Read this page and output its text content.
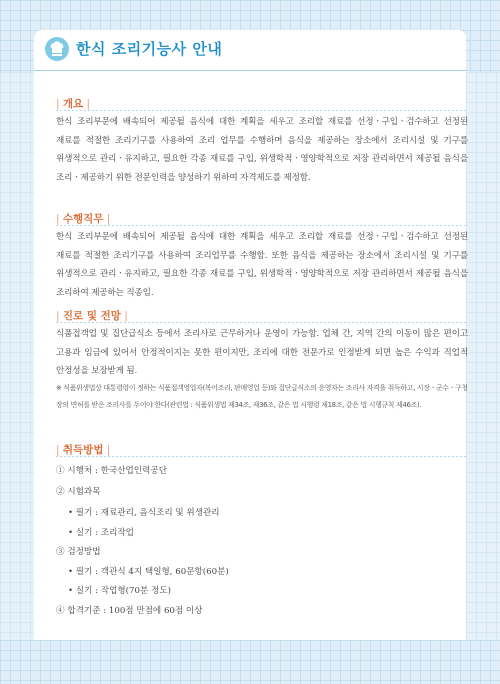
한식 조리기능사 안내
| 개요 |
한식 조리부문에 배속되어 제공될 음식에 대한 계획을 세우고 조리할 재료를 선정ㆍ구입ㆍ검수하고 선정된 재료를 적절한 조리기구를 사용하여 조리 업무를 수행하며 음식을 제공하는 장소에서 조리시설 및 기구를 위생적으로 관리ㆍ유지하고, 필요한 각종 재료를 구입, 위생학적ㆍ영양학적으로 저장 관리하면서 제공될 음식을 조리ㆍ제공하기 위한 전문인력을 양성하기 위하여 자격제도를 제정함.
| 수행직무 |
한식 조리부문에 배속되어 제공될 음식에 대한 계획을 세우고 조리할 재료를 선정ㆍ구입ㆍ검수하고 선정된 재료를 적절한 조리기구를 사용하여 조리업무를 수행함. 또한 음식을 제공하는 장소에서 조리시설 및 기구를 위생적으로 관리ㆍ유지하고, 필요한 각종 재료를 구입, 위생학적ㆍ영양학적으로 저장 관리하면서 제공될 음식을 조리하여 제공하는 직종임.
| 진로 및 전망 |
식품접객업 및 집단급식소 등에서 조리사로 근무하거나 운영이 가능함. 업체 간, 지역 간의 이동이 많은 편이고 고용과 임금에 있어서 안정적이지는 못한 편이지만, 조리에 대한 전문가로 인정받게 되면 높은 수익과 직업적 안정성을 보장받게 됨.
※ 식품위생법상 대통령령이 정하는 식품접객영업자(복어조리, 판매영업 등)와 집단급식소의 운영자는 조리사 자격을 취득하고, 시장ㆍ군수ㆍ구청장의 면허를 받은 조리사를 두어야 한다(관련법 : 식품위생법 제34조, 제36조, 같은 법 시행령 제18조, 같은 법 시행규칙 제46조).
| 취득방법 |
① 시행처 : 한국산업인력공단
② 시험과목
• 필기 : 재료관리, 음식조리 및 위생관리
• 실기 : 조리작업
③ 검정방법
• 필기 : 객관식 4지 택일형, 60문항(60분)
• 실기 : 작업형(70분 정도)
④ 합격기준 : 100점 만점에 60점 이상
